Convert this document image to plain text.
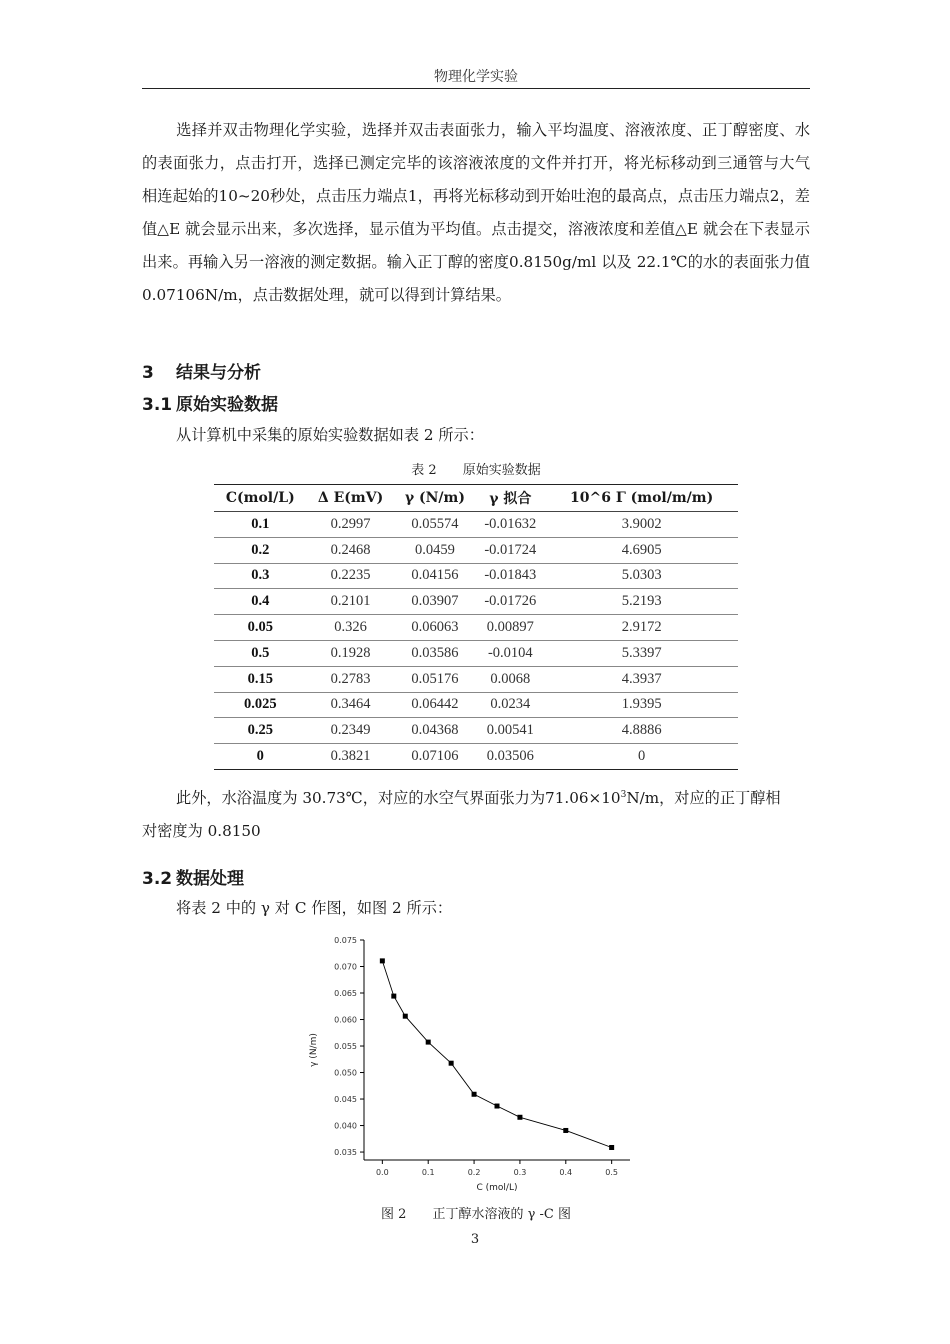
物理化学实验

选择并双击物理化学实验，选择并双击表面张力，输入平均温度、溶液浓度、正丁醇密度、水的表面张力，点击打开，选择已测定完毕的该溶液浓度的文件并打开，将光标移动到三通管与大气相连起始的10~20秒处，点击压力端点1，再将光标移动到开始吐泡的最高点，点击压力端点2，差值△E 就会显示出来，多次选择，显示值为平均值。点击提交，溶液浓度和差值△E 就会在下表显示出来。再输入另一溶液的测定数据。输入正丁醇的密度0.8150g/ml 以及 22.1℃的水的表面张力值 0.07106N/m，点击数据处理，就可以得到计算结果。

3 结果与分析
3.1 原始实验数据
从计算机中采集的原始实验数据如表 2 所示：
表 2 原始实验数据
C(mol/L)	Δ E(mV)	γ (N/m)	γ 拟合	10^6 Γ (mol/m/m)
0.1	0.2997	0.05574	-0.01632	3.9002
0.2	0.2468	0.0459	-0.01724	4.6905
0.3	0.2235	0.04156	-0.01843	5.0303
0.4	0.2101	0.03907	-0.01726	5.2193
0.05	0.326	0.06063	0.00897	2.9172
0.5	0.1928	0.03586	-0.0104	5.3397
0.15	0.2783	0.05176	0.0068	4.3937
0.025	0.3464	0.06442	0.0234	1.9395
0.25	0.2349	0.04368	0.00541	4.8886
0	0.3821	0.07106	0.03506	0
此外，水浴温度为 30.73℃，对应的水空气界面张力为$71.06\times 10^3N/m$，对应的正丁醇相
对密度为 0.8150
3.2 数据处理
将表 2 中的 γ 对 C 作图，如图 2 所示：
0.035
0.040
0.045
0.050
0.055
0.060
0.065
0.070
0.075
0.0	0.1	0.2	0.3	0.4	0.5
C (mol/L)
γ (N/m)
图 2 正丁醇水溶液的 γ -C 图
3
